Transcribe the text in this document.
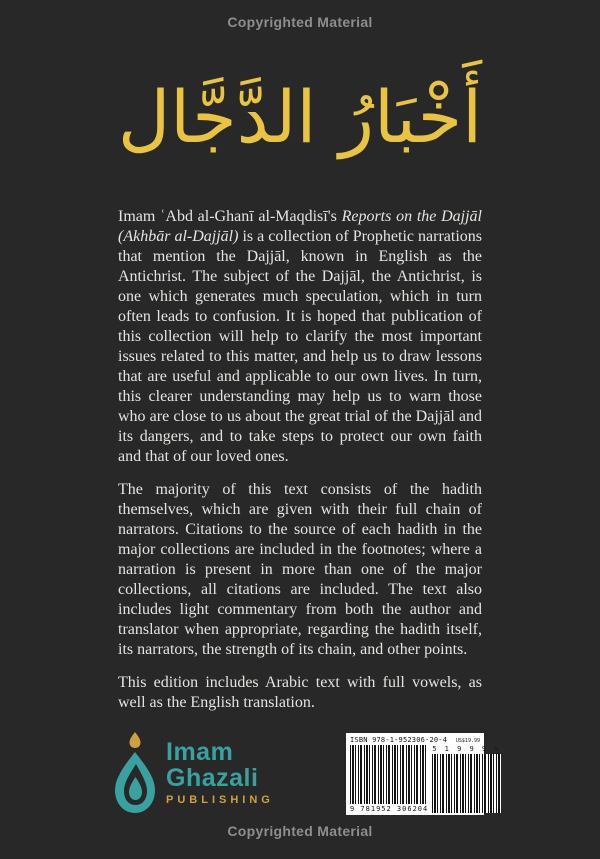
Copyrighted Material
أَخْبَارُ الدَّجَّال

Imam ʿAbd al-Ghanī al-Maqdisī's Reports on the Dajjāl (Akhbār al-Dajjāl) is a collection of Prophetic narrations that mention the Dajjāl, known in English as the Antichrist. The subject of the Dajjāl, the Antichrist, is one which generates much speculation, which in turn often leads to confusion. It is hoped that publication of this collection will help to clarify the most important issues related to this matter, and help us to draw lessons that are useful and applicable to our own lives. In turn, this clearer understanding may help us to warn those who are close to us about the great trial of the Dajjāl and its dangers, and to take steps to protect our own faith and that of our loved ones.

The majority of this text consists of the hadith themselves, which are given with their full chain of narrators. Citations to the source of each hadith in the major collections are included in the footnotes; where a narration is present in more than one of the major collections, all citations are included. The text also includes light commentary from both the author and translator when appropriate, regarding the hadith itself, its narrators, the strength of its chain, and other points.

This edition includes Arabic text with full vowels, as well as the English translation.

Imam
Ghazali
PUBLISHING
ISBN 978-1-952306-20-4 US$19.99
9 781952 306204
5 1 9 9 9 >
Copyrighted Material
